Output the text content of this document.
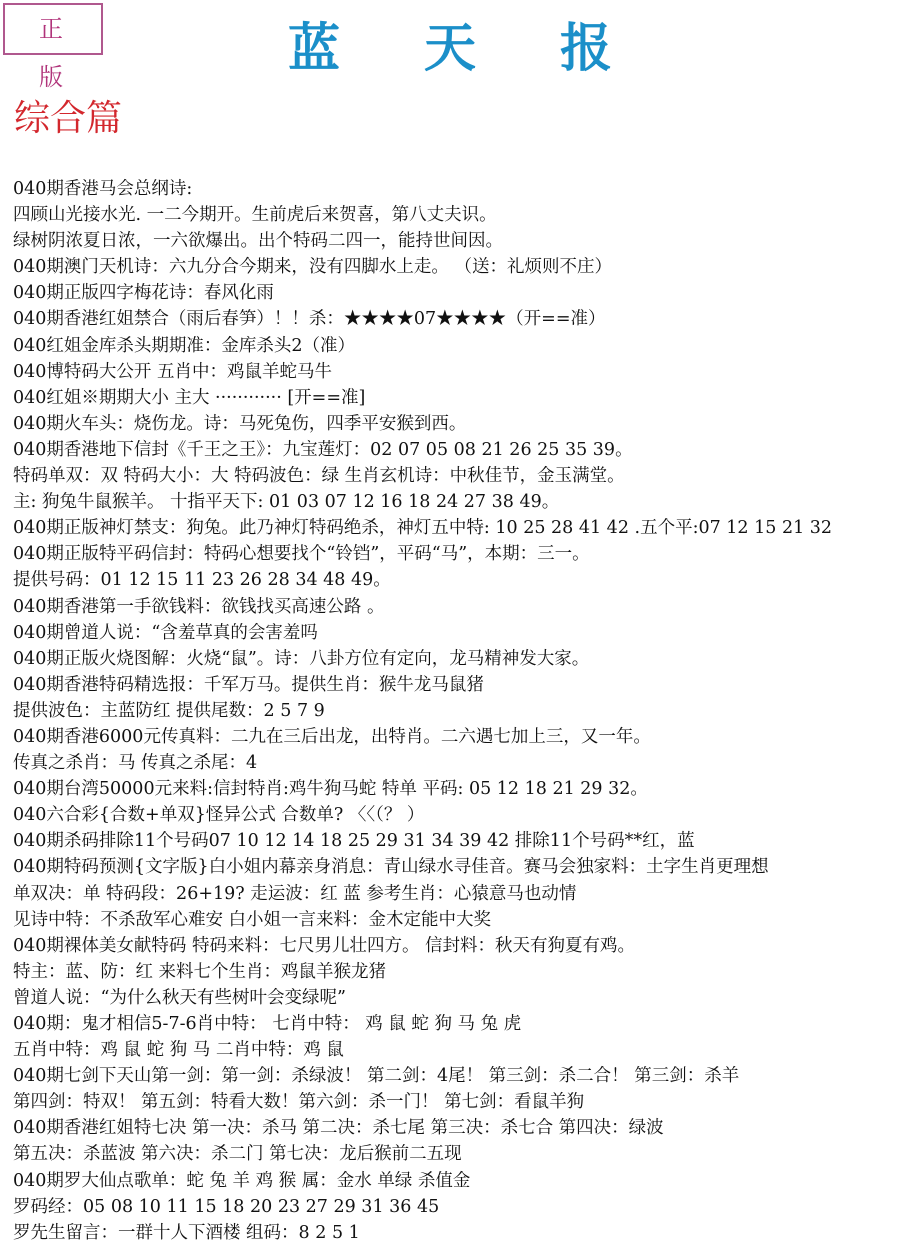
正 版	蓝 天 报
综合篇
040期香港马会总纲诗:
四顾山光接水光. 一二今期开。生前虎后来贺喜，第八丈夫识。
绿树阴浓夏日浓，一六欲爆出。出个特码二四一，能持世间因。
040期澳门天机诗：六九分合今期来，没有四脚水上走。 （送：礼烦则不庄）
040期正版四字梅花诗：春风化雨
040期香港红姐禁合（雨后春笋）！！杀：★★★★07★★★★（开==准）
040红姐金库杀头期期准：金库杀头2（准）
040博特码大公开 五肖中：鸡鼠羊蛇马牛
040红姐※期期大小 主大 ············ [开==准]
040期火车头：烧伤龙。诗：马死兔伤，四季平安猴到西。
040期香港地下信封《千王之王》：九宝莲灯：02 07 05 08 21 26 25 35 39。
特码单双：双 特码大小：大 特码波色：绿 生肖玄机诗：中秋佳节，金玉满堂。
主: 狗兔牛鼠猴羊。 十指平天下: 01 03 07 12 16 18 24 27 38 49。
040期正版神灯禁支：狗兔。此乃神灯特码绝杀，神灯五中特: 10 25 28 41 42 .五个平:07 12 15 21 32
040期正版特平码信封：特码心想要找个“铃铛”，平码“马”，本期：三一。
提供号码：01 12 15 11 23 26 28 34 48 49。
040期香港第一手欲钱料：欲钱找买高速公路 。
040期曾道人说：“含羞草真的会害羞吗
040期正版火烧图解：火烧“鼠”。诗：八卦方位有定向，龙马精神发大家。
040期香港特码精选报：千军万马。提供生肖：猴牛龙马鼠猪
提供波色：主蓝防红 提供尾数：2 5 7 9
040期香港6000元传真料：二九在三后出龙，出特肖。二六遇七加上三，又一年。
传真之杀肖：马 传真之杀尾：4
040期台湾50000元来料:信封特肖:鸡牛狗马蛇 特单 平码: 05 12 18 21 29 32。
040六合彩{合数+单双}怪异公式 合数单? 〈〈（？ ）
040期杀码排除11个号码07 10 12 14 18 25 29 31 34 39 42 排除11个号码**红，蓝
040期特码预测{文字版}白小姐内幕亲身消息：青山绿水寻佳音。赛马会独家料：土字生肖更理想
单双决：单 特码段：26+19? 走运波：红 蓝 参考生肖：心猿意马也动情
见诗中特：不杀敌军心难安 白小姐一言来料：金木定能中大奖
040期裸体美女献特码 特码来料：七尺男儿壮四方。 信封料：秋天有狗夏有鸡。
特主：蓝、防：红 来料七个生肖：鸡鼠羊猴龙猪
曾道人说：“为什么秋天有些树叶会变绿呢”
040期：鬼才相信5-7-6肖中特： 七肖中特： 鸡 鼠 蛇 狗 马 兔 虎
五肖中特：鸡 鼠 蛇 狗 马 二肖中特：鸡 鼠
040期七剑下天山第一剑：第一剑：杀绿波！ 第二剑：4尾！ 第三剑：杀二合！ 第三剑：杀羊
第四剑：特双！ 第五剑：特看大数！第六剑：杀一门！ 第七剑：看鼠羊狗
040期香港红姐特七决 第一决：杀马 第二决：杀七尾 第三决：杀七合 第四决：绿波
第五决：杀蓝波 第六决：杀二门 第七决：龙后猴前二五现
040期罗大仙点歌单：蛇 兔 羊 鸡 猴 属：金水 单绿 杀值金
罗码经：05 08 10 11 15 18 20 23 27 29 31 36 45
罗先生留言：一群十人下酒楼 组码：8 2 5 1
